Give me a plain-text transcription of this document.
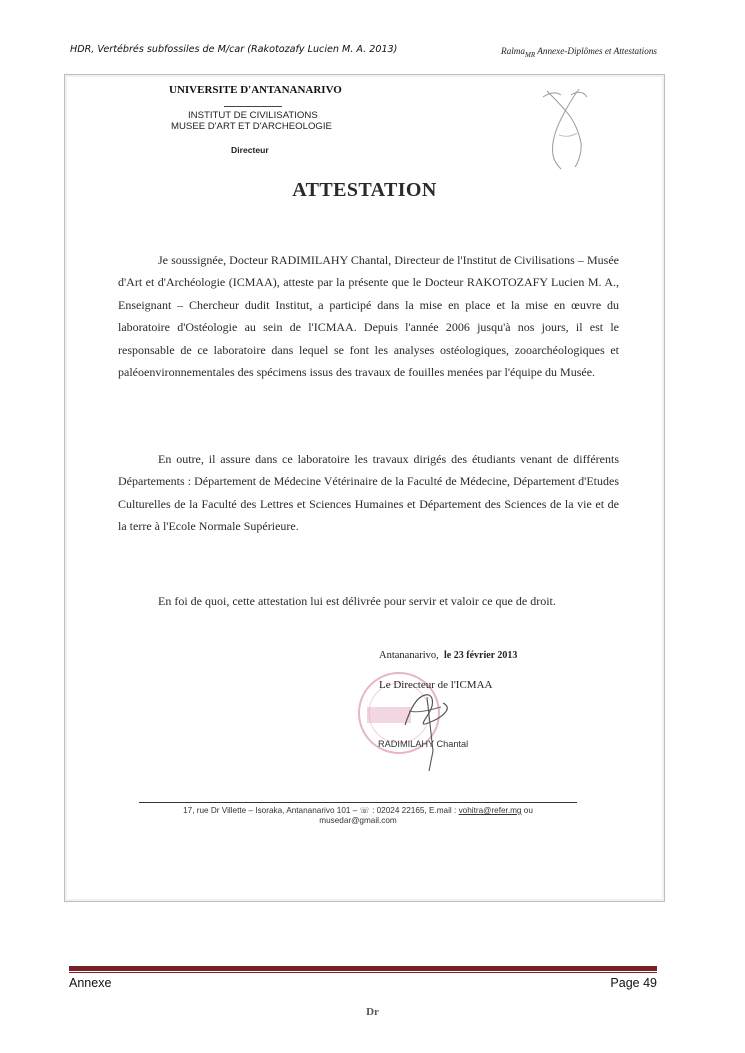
HDR, Vertébrés subfossiles de M/car (Rakotozafy Lucien M. A. 2013)	Ralma$_{MR}$ Annexe-Diplômes et Attestations
UNIVERSITE D'ANTANANARIVO
INSTITUT DE CIVILISATIONS
MUSEE D'ART ET D'ARCHEOLOGIE
Directeur
ATTESTATION

Je soussignée, Docteur RADIMILAHY Chantal, Directeur de l'Institut de Civilisations – Musée d'Art et d'Archéologie (ICMAA), atteste par la présente que le Docteur RAKOTOZAFY Lucien M. A., Enseignant – Chercheur dudit Institut, a participé dans la mise en place et la mise en œuvre du laboratoire d'Ostéologie au sein de l'ICMAA. Depuis l'année 2006 jusqu'à nos jours, il est le responsable de ce laboratoire dans lequel se font les analyses ostéologiques, zooarchéologiques et paléoenvironnementales des spécimens issus des travaux de fouilles menées par l'équipe du Musée.

En outre, il assure dans ce laboratoire les travaux dirigés des étudiants venant de différents Départements : Département de Médecine Vétérinaire de la Faculté de Médecine, Département d'Etudes Culturelles de la Faculté des Lettres et Sciences Humaines et Département des Sciences de la vie et de la terre à l'Ecole Normale Supérieure.

En foi de quoi, cette attestation lui est délivrée pour servir et valoir ce que de droit.

Antananarivo, le 23 février 2013
Le Directeur de l'ICMAA
RADIMILAHY Chantal
17, rue Dr Villette – Isoraka, Antananarivo 101 – ☏ : 02024 22165, E.mail : vohitra@refer.mg ou
musedar@gmail.com
Annexe	Page 49
Dr
